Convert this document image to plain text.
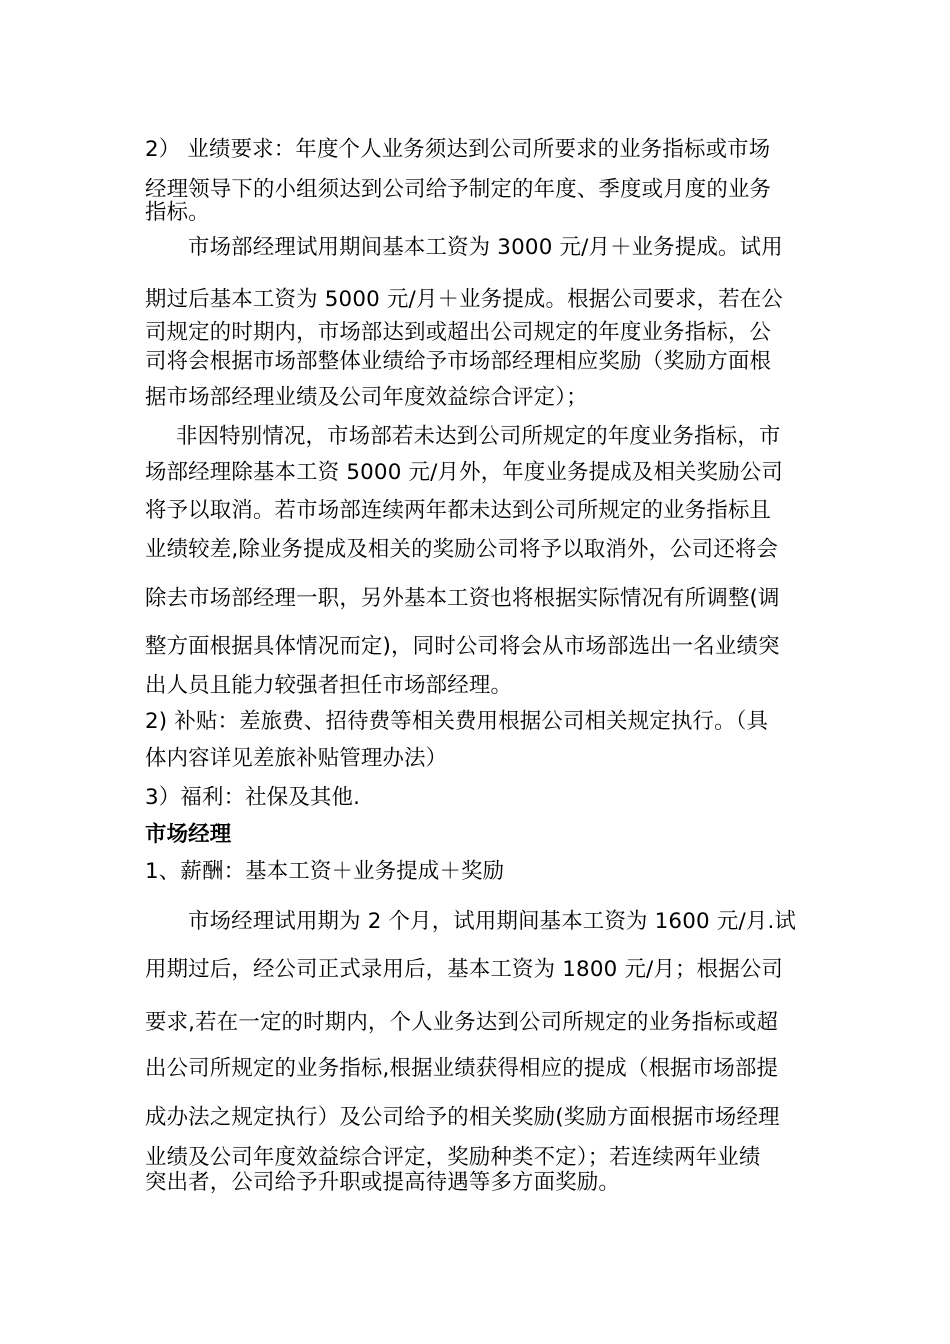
2） 业绩要求：年度个人业务须达到公司所要求的业务指标或市场
经理领导下的小组须达到公司给予制定的年度、季度或月度的业务
指标。
市场部经理试用期间基本工资为 3000 元/月＋业务提成。试用
期过后基本工资为 5000 元/月＋业务提成。根据公司要求，若在公
司规定的时期内，市场部达到或超出公司规定的年度业务指标，公
司将会根据市场部整体业绩给予市场部经理相应奖励（奖励方面根
据市场部经理业绩及公司年度效益综合评定）；
非因特别情况，市场部若未达到公司所规定的年度业务指标，市
场部经理除基本工资 5000 元/月外，年度业务提成及相关奖励公司
将予以取消。若市场部连续两年都未达到公司所规定的业务指标且
业绩较差,除业务提成及相关的奖励公司将予以取消外，公司还将会
除去市场部经理一职，另外基本工资也将根据实际情况有所调整(调
整方面根据具体情况而定)，同时公司将会从市场部选出一名业绩突
出人员且能力较强者担任市场部经理。
2) 补贴：差旅费、招待费等相关费用根据公司相关规定执行。（具
体内容详见差旅补贴管理办法）
3）福利：社保及其他.
市场经理
1、薪酬：基本工资＋业务提成＋奖励
市场经理试用期为 2 个月，试用期间基本工资为 1600 元/月.试
用期过后，经公司正式录用后，基本工资为 1800 元/月；根据公司
要求,若在一定的时期内，个人业务达到公司所规定的业务指标或超
出公司所规定的业务指标,根据业绩获得相应的提成（根据市场部提
成办法之规定执行）及公司给予的相关奖励(奖励方面根据市场经理
业绩及公司年度效益综合评定，奖励种类不定）；若连续两年业绩
突出者，公司给予升职或提高待遇等多方面奖励。
